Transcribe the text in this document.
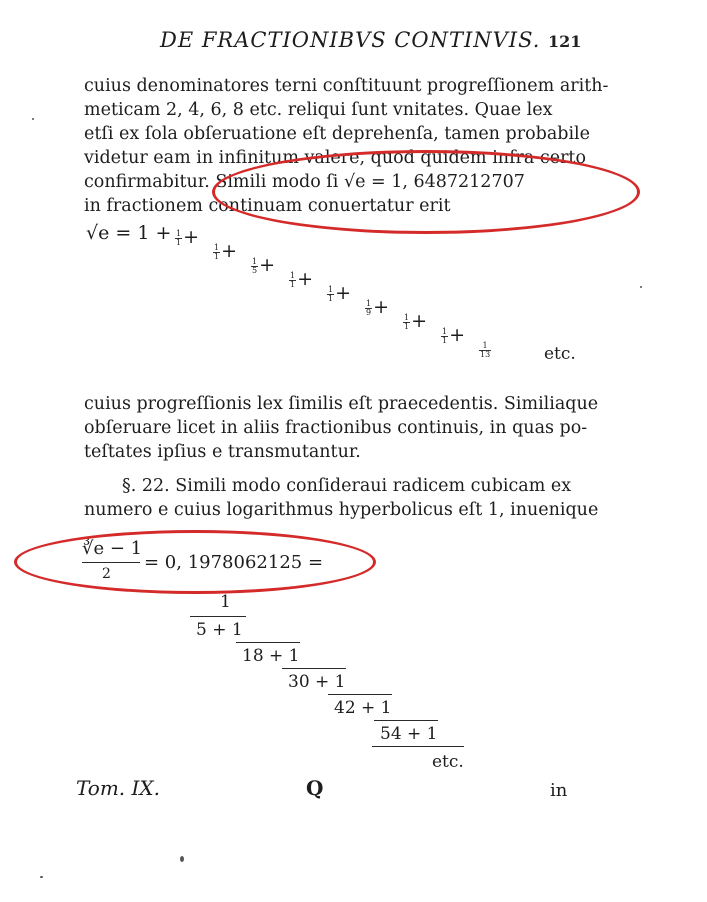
DE FRACTIONIBVS CONTINVIS. 121
cuius denominatores terni conſtituunt progreſſionem arith-
meticam 2, 4, 6, 8 etc. reliqui ſunt vnitates. Quae lex
etſi ex ſola obſeruatione eſt deprehenſa, tamen probabile
videtur eam in infinitum valere, quod quidem infra certo
confirmabitur. Simili modo ſi √e = 1, 6487212707
in fractionem continuam conuertatur erit
$√e = 1 + \frac{1}{1}$ +
$\frac{1}{1}$ +
$\frac{1}{5}$ +
$\frac{1}{1}$ +
$\frac{1}{1}$ +
$\frac{1}{9}$ +
$\frac{1}{1}$ +
$\frac{1}{1}$ +
$\frac{1}{13}$	etc.
cuius progreſſionis lex ſimilis eſt praecedentis. Similiaque
obſeruare licet in aliis fractionibus continuis, in quas po-
teſtates ipſius e transmutantur.
§. 22. Simili modo conſideraui radicem cubicam ex
numero e cuius logarithmus hyperbolicus eſt 1, inuenique
∛e − 1
2
= 0, 1978062125 =
1
5 + 1
18 + 1
30 + 1
42 + 1
54 + 1
etc.
Tom. IX.	Q	in
